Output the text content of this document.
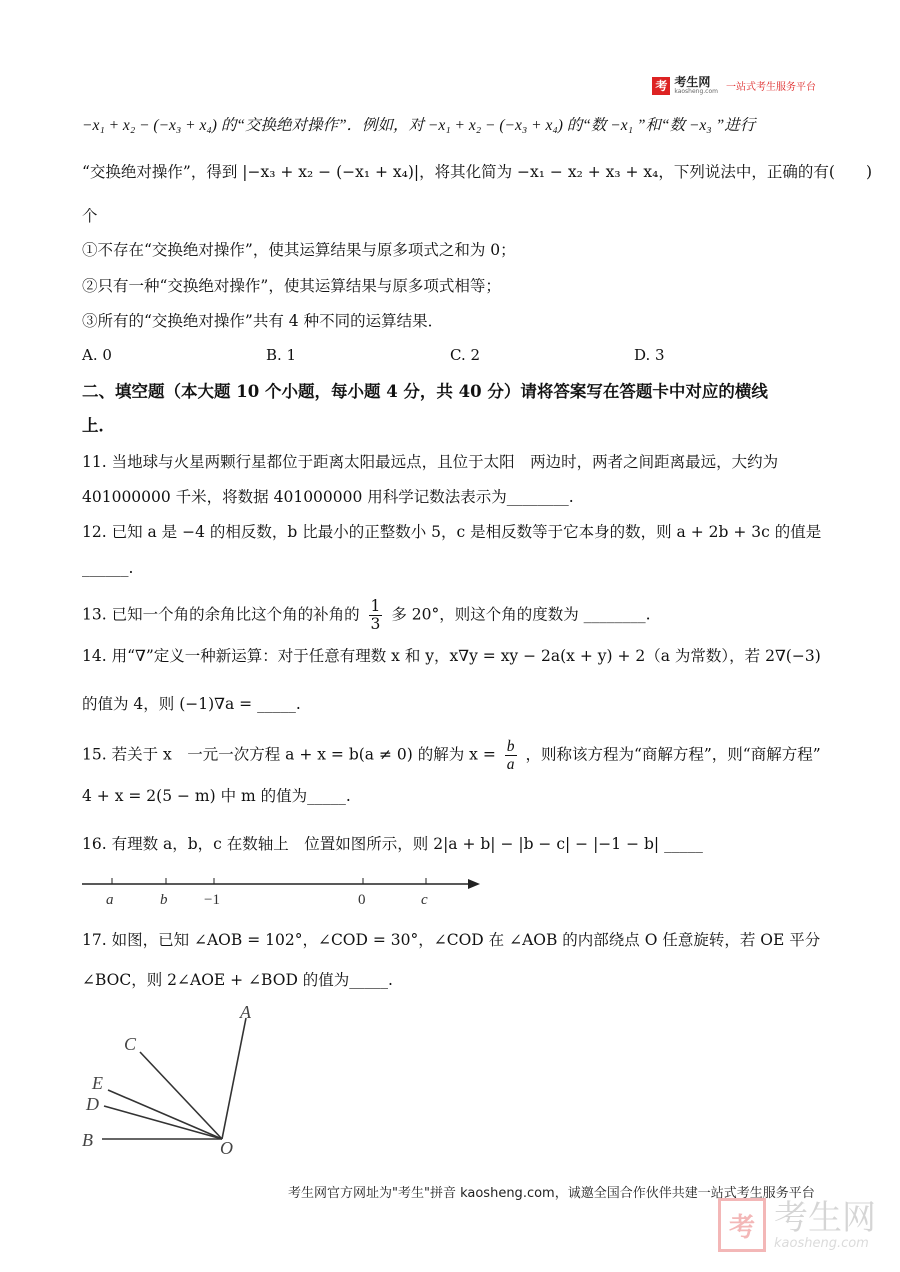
考 考生网
kaosheng.com 一站式考生服务平台
−x₁ + x₂ − (−x₃ + x₄) 的“交换绝对操作”．例如，对 −x₁ + x₂ − (−x₃ + x₄) 的“数 −x₁ ”和“数 −x₃ ”进行
“交换绝对操作”，得到 |−x₃ + x₂ − (−x₁ + x₄)|，将其化简为 −x₁ − x₂ + x₃ + x₄，下列说法中，正确的有(　　)
个
①不存在“交换绝对操作”，使其运算结果与原多项式之和为 0；
②只有一种“交换绝对操作”，使其运算结果与原多项式相等；
③所有的“交换绝对操作”共有 4 种不同的运算结果．
A. 0	B. 1	C. 2	D. 3
二、填空题（本大题 10 个小题，每小题 4 分，共 40 分）请将答案写在答题卡中对应的横线
上．
11. 当地球与火星两颗行星都位于距离太阳最远点，且位于太阳　两边时，两者之间距离最远，大约为
401000000 千米，将数据 401000000 用科学记数法表示为________.
12. 已知 a 是 −4 的相反数，b 比最小的正整数小 5，c 是相反数等于它本身的数，则 a + 2b + 3c 的值是
______.
13. 已知一个角的余角比这个角的补角的 $\frac{1}{3}$ 多 20°，则这个角的度数为 ________.
14. 用“∇”定义一种新运算：对于任意有理数 x 和 y，x∇y = xy − 2a(x + y) + 2（a 为常数），若 2∇(−3)
的值为 4，则 (−1)∇a = _____.
15. 若关于 x　一元一次方程 a + x = b(a ≠ 0) 的解为 $x = \frac{b}{a}$ ，则称该方程为“商解方程”，则“商解方程”
4 + x = 2(5 − m) 中 m 的值为_____.
16. 有理数 a，b，c 在数轴上　位置如图所示，则 2|a + b| − |b − c| − |−1 − b| _____
a	b −1	0	c
17. 如图，已知 ∠AOB = 102°，∠COD = 30°，∠COD 在 ∠AOB 的内部绕点 O 任意旋转，若 OE 平分
∠BOC，则 2∠AOE + ∠BOD 的值为_____.
A
C
E
D
B	O
考生网官方网址为"考生"拼音 kaosheng.com，诚邀全国合作伙伴共建一站式考生服务平台
考 考生网
kaosheng.com
